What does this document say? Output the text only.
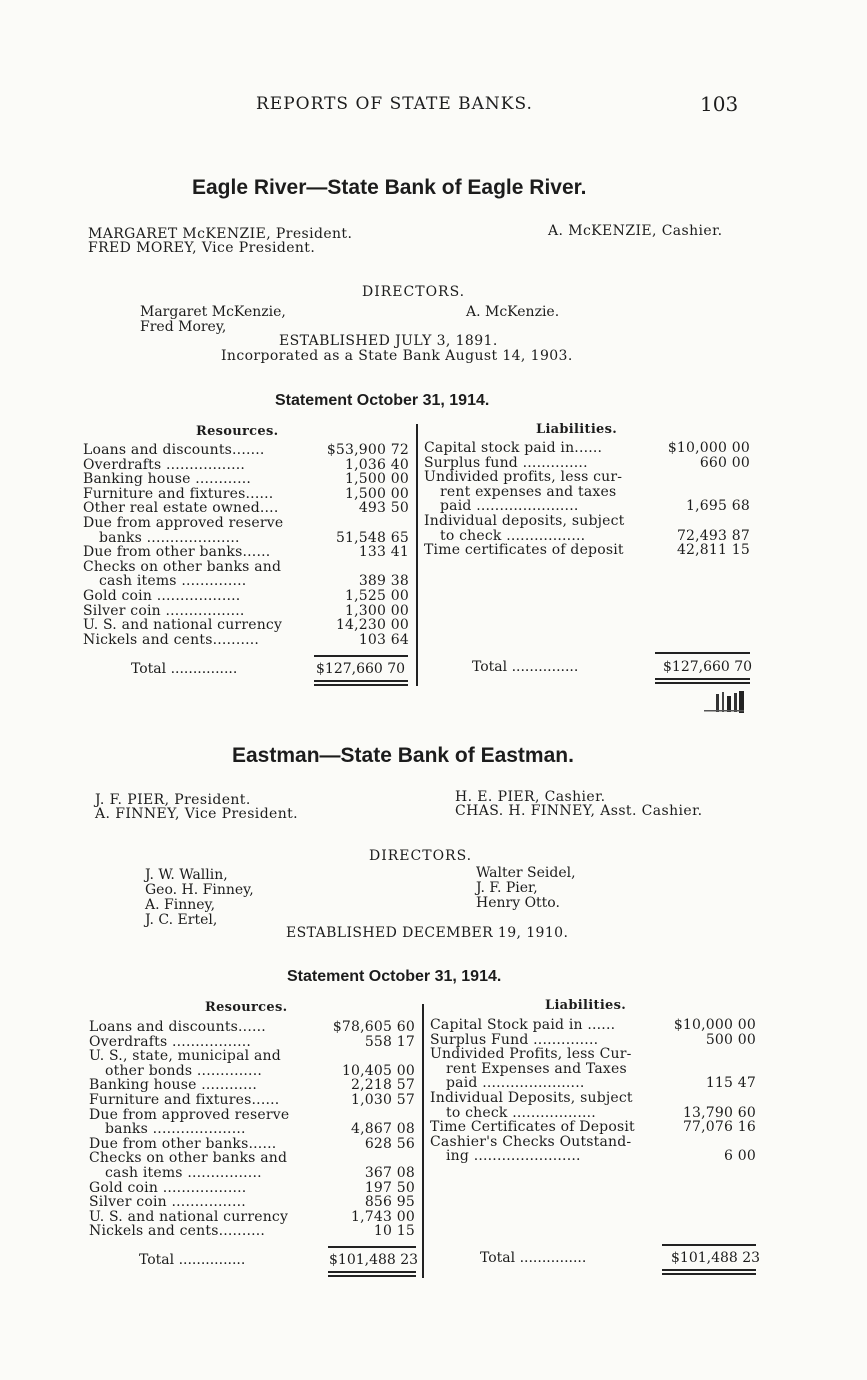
REPORTS OF STATE BANKS.	103
Eagle River—State Bank of Eagle River.
MARGARET McKENZIE, President.
FRED MOREY, Vice President.
A. McKENZIE, Cashier.
DIRECTORS.
Margaret McKenzie,
Fred Morey,
A. McKenzie.
ESTABLISHED JULY 3, 1891.
Incorporated as a State Bank August 14, 1903.
Statement October 31, 1914.
Resources.	Liabilities.
Loans and discounts.......	$53,900 72
Overdrafts .................	1,036 40
Banking house ............	1,500 00
Furniture and fixtures......	1,500 00
Other real estate owned....	493 50
Due from approved reserve
banks ....................	51,548 65
Due from other banks......	133 41
Checks on other banks and
cash items ..............	389 38
Gold coin ..................	1,525 00
Silver coin .................	1,300 00
U. S. and national currency	14,230 00
Nickels and cents..........	103 64
Capital stock paid in......	$10,000 00
Surplus fund ..............	660 00
Undivided profits, less cur-
rent expenses and taxes
paid ......................	1,695 68
Individual deposits, subject
to check .................	72,493 87
Time certificates of deposit	42,811 15
Total ...............	$127,660 70	Total ...............	$127,660 70
Eastman—State Bank of Eastman.
J. F. PIER, President.
A. FINNEY, Vice President.
H. E. PIER, Cashier.
CHAS. H. FINNEY, Asst. Cashier.
DIRECTORS.
J. W. Wallin,
Geo. H. Finney,
A. Finney,
J. C. Ertel,
Walter Seidel,
J. F. Pier,
Henry Otto.
ESTABLISHED DECEMBER 19, 1910.
Statement October 31, 1914.
Resources.	Liabilities.
Loans and discounts......	$78,605 60
Overdrafts .................	558 17
U. S., state, municipal and
other bonds ..............	10,405 00
Banking house ............	2,218 57
Furniture and fixtures......	1,030 57
Due from approved reserve
banks ....................	4,867 08
Due from other banks......	628 56
Checks on other banks and
cash items ................	367 08
Gold coin ..................	197 50
Silver coin ................	856 95
U. S. and national currency	1,743 00
Nickels and cents..........	10 15
Capital Stock paid in ......	$10,000 00
Surplus Fund ..............	500 00
Undivided Profits, less Cur-
rent Expenses and Taxes
paid ......................	115 47
Individual Deposits, subject
to check ..................	13,790 60
Time Certificates of Deposit	77,076 16
Cashier's Checks Outstand-
ing .......................	6 00
Total ...............	$101,488 23	Total ...............	$101,488 23
